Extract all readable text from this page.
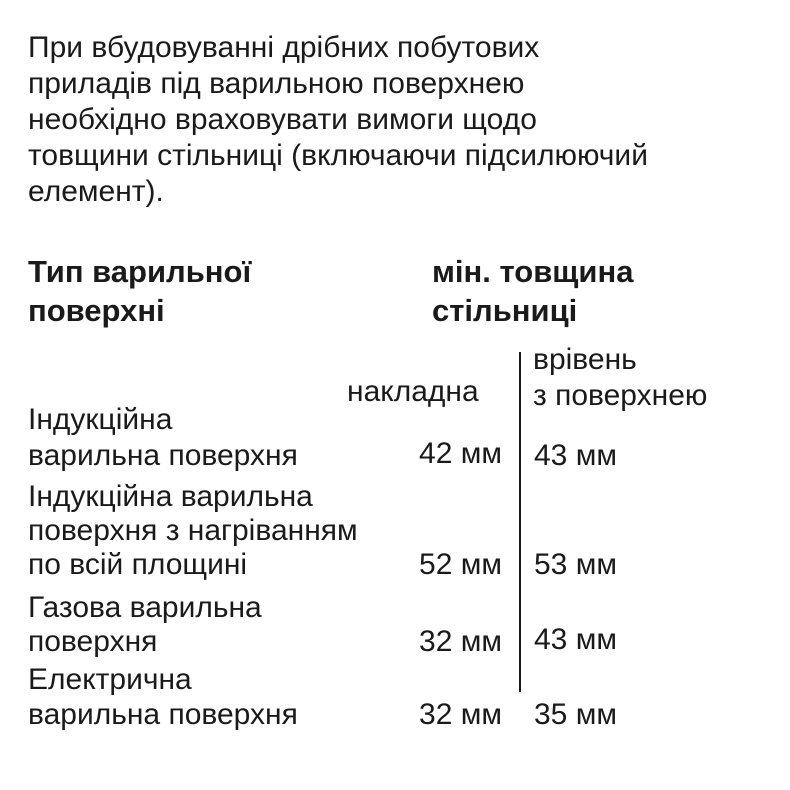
При вбудовуванні дрібних побутових
приладів під варильною поверхнею
необхідно враховувати вимоги щодо
товщини стільниці (включаючи підсилюючий
елемент).

Тип варильної
поверхні
мін. товщина
стільниці
накладна
врівень
з поверхнею
Індукційна
варильна поверхня	42 мм 43 мм
Індукційна варильна
поверхня з нагріванням
по всій площині	52 мм 53 мм
Газова варильна
поверхня	32 мм 43 мм
Електрична
варильна поверхня	32 мм 35 мм
